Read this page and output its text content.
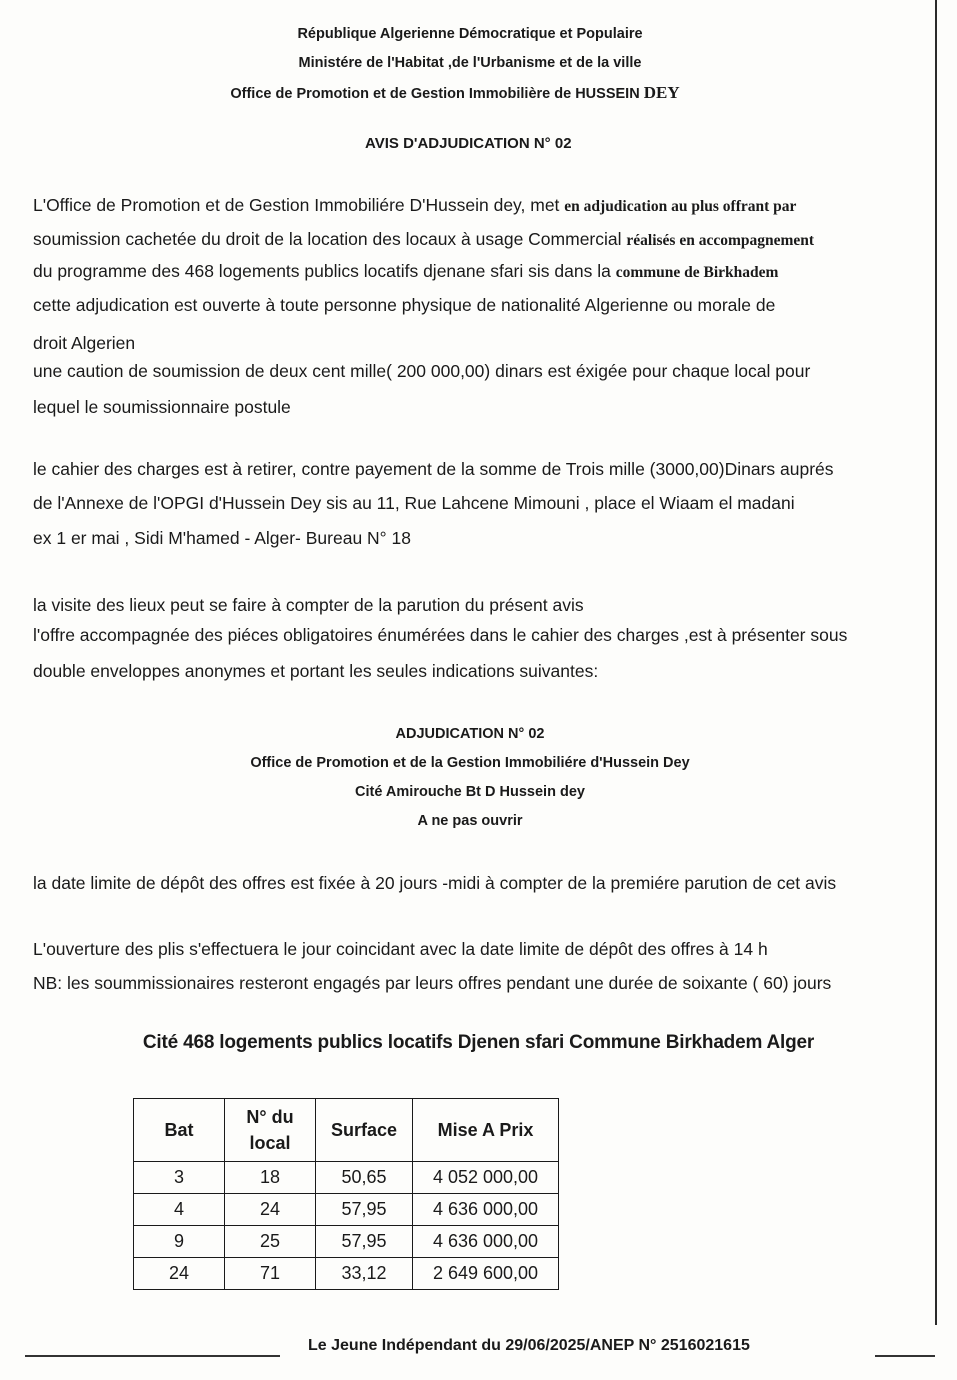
République Algerienne Démocratique et Populaire
Ministére de l'Habitat ,de l'Urbanisme et de la ville
Office de Promotion et de Gestion Immobilière de HUSSEIN DEY
AVIS D'ADJUDICATION N° 02
L'Office de Promotion et de Gestion Immobiliére D'Hussein dey, met en adjudication au plus offrant par
soumission cachetée du droit de la location des locaux à usage Commercial réalisés en accompagnement
du programme des 468 logements publics locatifs djenane sfari sis dans la commune de Birkhadem
cette adjudication est ouverte à toute personne physique de nationalité Algerienne ou morale de
droit Algerien
une caution de soumission de deux cent mille( 200 000,00) dinars est éxigée pour chaque local pour
lequel le soumissionnaire postule
le cahier des charges est à retirer, contre payement de la somme de Trois mille (3000,00)Dinars auprés
de l'Annexe de l'OPGI d'Hussein Dey sis au 11, Rue Lahcene Mimouni , place el Wiaam el madani
ex 1 er mai , Sidi M'hamed - Alger- Bureau N° 18
la visite des lieux peut se faire à compter de la parution du présent avis
l'offre accompagnée des piéces obligatoires énumérées dans le cahier des charges ,est à présenter sous
double enveloppes anonymes et portant les seules indications suivantes:
ADJUDICATION N° 02
Office de Promotion et de la Gestion Immobiliére d'Hussein Dey
Cité Amirouche Bt D Hussein dey
A ne pas ouvrir
la date limite de dépôt des offres est fixée à 20 jours -midi à compter de la premiére parution de cet avis
L'ouverture des plis s'effectuera le jour coincidant avec la date limite de dépôt des offres à 14 h
NB: les soummissionaires resteront engagés par leurs offres pendant une durée de soixante ( 60) jours
Cité 468 logements publics locatifs Djenen sfari Commune Birkhadem Alger
Bat	N° du local	Surface	Mise A Prix
3	18	50,65	4 052 000,00
4	24	57,95	4 636 000,00
9	25	57,95	4 636 000,00
24	71	33,12	2 649 600,00
Le Jeune Indépendant du 29/06/2025/ANEP N° 2516021615
